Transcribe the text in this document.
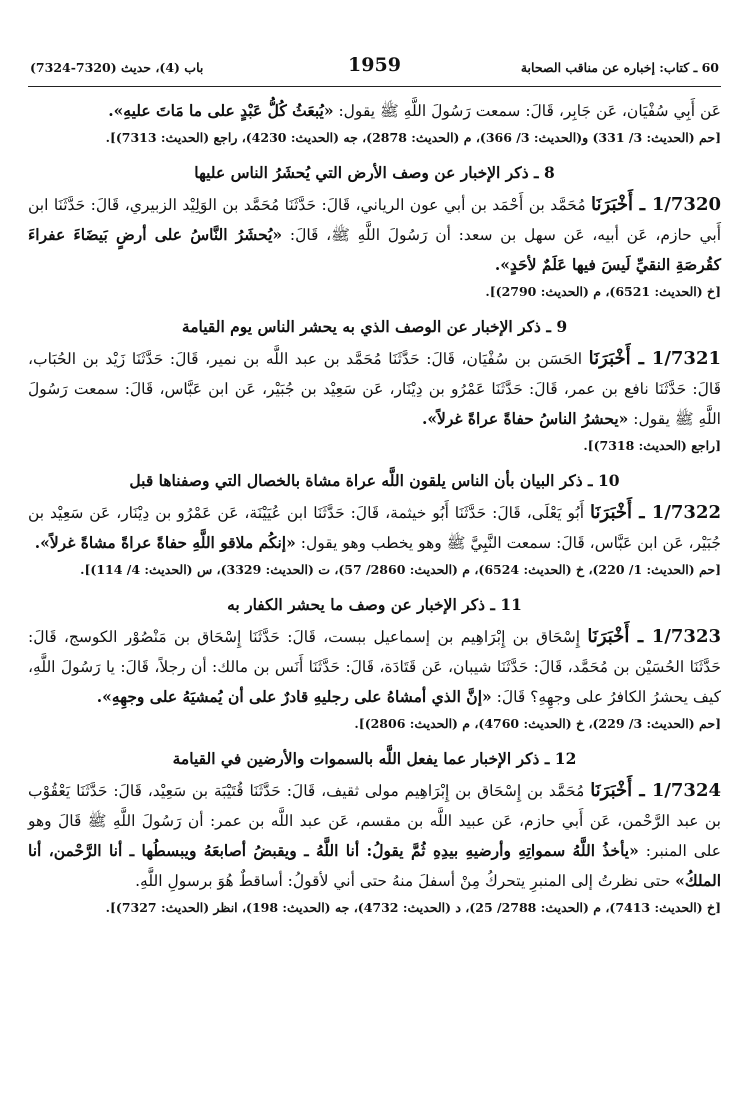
باب (4)، حديث (7320-7324)	1959	60 ـ كتاب: إخباره عن مناقب الصحابة

عَن أَبِي سُفْيَان، عَن جَابِر، قَالَ: سمعت رَسُولَ اللَّهِ ﷺ يقول: «يُبعَثُ كُلُّ عَبْدٍ على ما مَاتَ عليهِ».

[حم (الحديث: 3/ 331) و(الحديث: 3/ 366)، م (الحديث: 2878)، جه (الحديث: 4230)، راجع (الحديث: 7313)].

8 ـ ذكر الإخبار عن وصف الأرض التي يُحشَرُ الناس عليها

1/7320 ـ أَخْبَرَنَا مُحَمَّد بن أَحْمَد بن أبي عون الرياني، قَالَ: حَدَّثَنَا مُحَمَّد بن الوَلِيْد الزبيري، قَالَ: حَدَّثَنَا ابن أَبي حازم، عَن أبيه، عَن سهل بن سعد: أن رَسُولَ اللَّهِ ﷺ، قَالَ: «يُحشَرُ النَّاسُ على أرضٍ بَيضَاءَ عفراءَ كقُرصَةِ النقيِّ لَيسَ فيها عَلَمٌ لأحَدٍ».

[خ (الحديث: 6521)، م (الحديث: 2790)].

9 ـ ذكر الإخبار عن الوصف الذي به يحشر الناس يوم القيامة

1/7321 ـ أَخْبَرَنَا الحَسَن بن سُفْيَان، قَالَ: حَدَّثَنَا مُحَمَّد بن عبد اللَّه بن نمير، قَالَ: حَدَّثَنَا زَيْد بن الحُبَاب، قَالَ: حَدَّثَنَا نافع بن عمر، قَالَ: حَدَّثَنَا عَمْرُو بن دِيْنَار، عَن سَعِيْد بن جُبَيْر، عَن ابن عَبَّاس، قَالَ: سمعت رَسُولَ اللَّهِ ﷺ يقول: «يحشرُ الناسُ حفاةً عراةً غرلاً».

[راجع (الحديث: 7318)].

10 ـ ذكر البيان بأن الناس يلقون اللَّه عراة مشاة بالخصال التي وصفناها قبل

1/7322 ـ أَخْبَرَنَا أَبُو يَعْلَى، قَالَ: حَدَّثَنَا أَبُو خيثمة، قَالَ: حَدَّثَنَا ابن عُيَيْنَة، عَن عَمْرُو بن دِيْنَار، عَن سَعِيْد بن جُبَيْر، عَن ابن عَبَّاس، قَالَ: سمعت النَّبِيَّ ﷺ وهو يخطب وهو يقول: «إنكُم ملاقو اللَّهِ حفاةً عراةً مشاةً غرلاً».

[حم (الحديث: 1/ 220)، خ (الحديث: 6524)، م (الحديث: 2860/ 57)، ت (الحديث: 3329)، س (الحديث: 4/ 114)].

11 ـ ذكر الإخبار عن وصف ما يحشر الكفار به

1/7323 ـ أَخْبَرَنَا إِسْحَاق بن إِبْرَاهِيم بن إسماعيل ببست، قَالَ: حَدَّثَنَا إِسْحَاق بن مَنْصُوْر الكوسج، قَالَ: حَدَّثَنَا الحُسَيْن بن مُحَمَّد، قَالَ: حَدَّثَنَا شيبان، عَن قَتَادَة، قَالَ: حَدَّثَنَا أَنَس بن مالك: أن رجلاً، قَالَ: يا رَسُولَ اللَّهِ، كيف يحشرُ الكافرُ على وجهِهِ؟ قَالَ: «إنَّ الذي أمشاهُ على رجليهِ قادرٌ على أن يُمشيَهُ على وجهِهِ».

[حم (الحديث: 3/ 229)، خ (الحديث: 4760)، م (الحديث: 2806)].

12 ـ ذكر الإخبار عما يفعل اللَّه بالسموات والأرضين في القيامة

1/7324 ـ أَخْبَرَنَا مُحَمَّد بن إِسْحَاق بن إِبْرَاهِيم مولى ثقيف، قَالَ: حَدَّثَنَا قُتَيْبَة بن سَعِيْد، قَالَ: حَدَّثَنَا يَعْقُوْب بن عبد الرَّحْمن، عَن أَبي حازم، عَن عبيد اللَّه بن مقسم، عَن عبد اللَّه بن عمر: أن رَسُولَ اللَّهِ ﷺ قَالَ وهو على المنبر: «يأخذُ اللَّهُ سمواتِهِ وأرضيهِ بيدِهِ ثُمَّ يقولُ: أنا اللَّهُ ـ ويقبضُ أصابعَهُ ويبسطُها ـ أنا الرَّحْمن، أنا الملكُ» حتى نظرتُ إلى المنبرِ يتحركُ مِنْ أسفلَ منهُ حتى أني لأقولُ: أساقطٌ هُوَ برسولِ اللَّهِ.

[خ (الحديث: 7413)، م (الحديث: 2788/ 25)، د (الحديث: 4732)، جه (الحديث: 198)، انظر (الحديث: 7327)].
